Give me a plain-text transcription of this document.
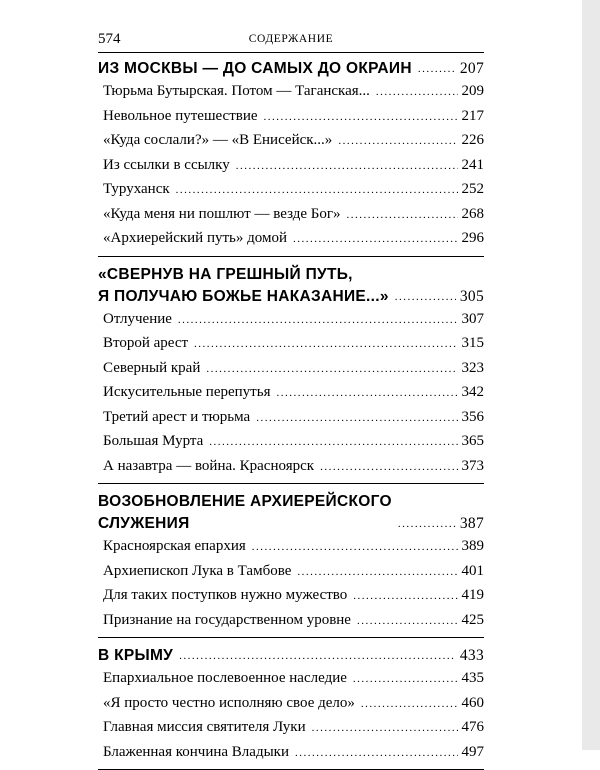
574	СОДЕРЖАНИЕ
ИЗ МОСКВЫ — ДО САМЫХ ДО ОКРАИН .....	207
Тюрьма Бутырская. Потом — Таганская... .....	209
Невольное путешествие .....	217
«Куда сослали?» — «В Енисейск...» .....	226
Из ссылки в ссылку .....	241
Туруханск .....	252
«Куда меня ни пошлют — везде Бог» .....	268
«Архиерейский путь» домой .....	296
«СВЕРНУВ НА ГРЕШНЫЙ ПУТЬ,
Я ПОЛУЧАЮ БОЖЬЕ НАКАЗАНИЕ...» .....	305
Отлучение .....	307
Второй арест .....	315
Северный край .....	323
Искусительные перепутья .....	342
Третий арест и тюрьма .....	356
Большая Мурта .....	365
А назавтра — война. Красноярск .....	373
ВОЗОБНОВЛЕНИЕ АРХИЕРЕЙСКОГО
СЛУЖЕНИЯ .....	387
Красноярская епархия .....	389
Архиепископ Лука в Тамбове .....	401
Для таких поступков нужно мужество .....	419
Признание на государственном уровне .....	425
В КРЫМУ .....	433
Епархиальное послевоенное наследие .....	435
«Я просто честно исполняю свое дело» .....	460
Главная миссия святителя Луки .....	476
Блаженная кончина Владыки .....	497
